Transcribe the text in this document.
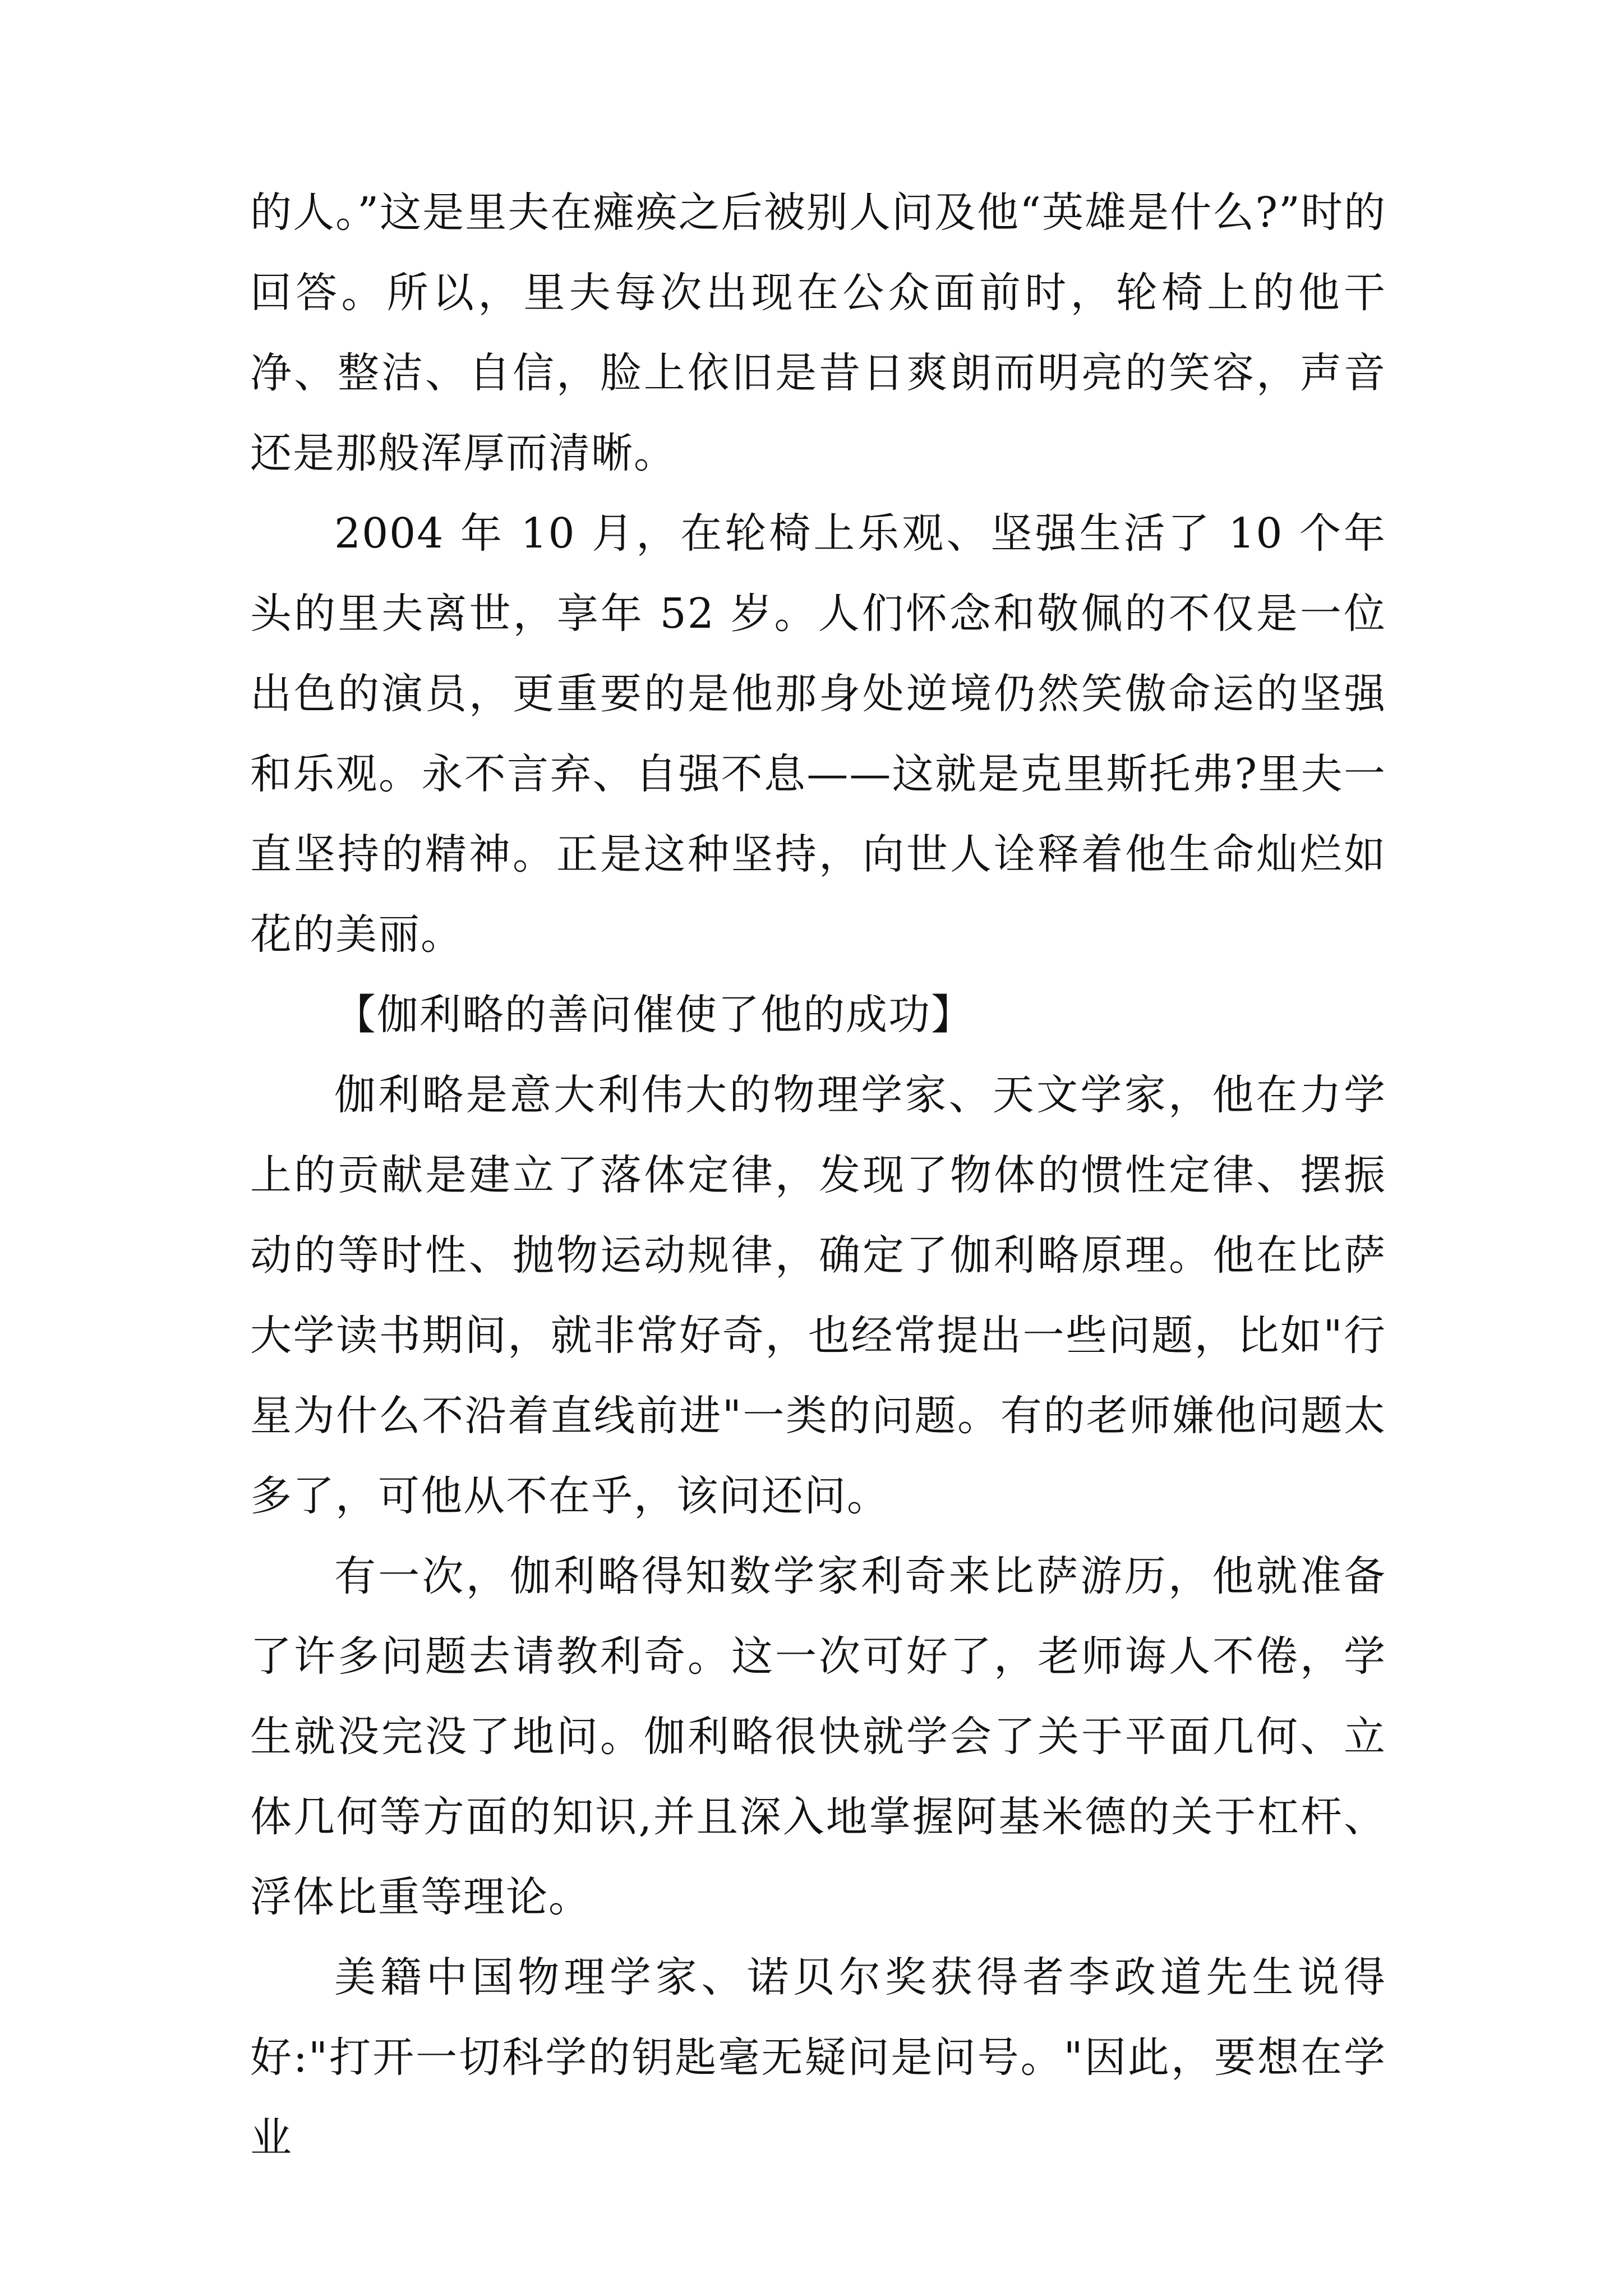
的人。”这是里夫在瘫痪之后被别人问及他“英雄是什么?”时的回答。所以，里夫每次出现在公众面前时，轮椅上的他干净、整洁、自信，脸上依旧是昔日爽朗而明亮的笑容，声音还是那般浑厚而清晰。

2004 年 10 月，在轮椅上乐观、坚强生活了 10 个年头的里夫离世，享年 52 岁。人们怀念和敬佩的不仅是一位出色的演员，更重要的是他那身处逆境仍然笑傲命运的坚强和乐观。永不言弃、自强不息——这就是克里斯托弗?里夫一直坚持的精神。正是这种坚持，向世人诠释着他生命灿烂如花的美丽。

【伽利略的善问催使了他的成功】

伽利略是意大利伟大的物理学家、天文学家，他在力学上的贡献是建立了落体定律，发现了物体的惯性定律、摆振动的等时性、抛物运动规律，确定了伽利略原理。他在比萨大学读书期间，就非常好奇，也经常提出一些问题，比如"行星为什么不沿着直线前进"一类的问题。有的老师嫌他问题太多了，可他从不在乎，该问还问。

有一次，伽利略得知数学家利奇来比萨游历，他就准备了许多问题去请教利奇。这一次可好了，老师诲人不倦，学生就没完没了地问。伽利略很快就学会了关于平面几何、立体几何等方面的知识,并且深入地掌握阿基米德的关于杠杆、浮体比重等理论。

美籍中国物理学家、诺贝尔奖获得者李政道先生说得好:"打开一切科学的钥匙毫无疑问是问号。"因此，要想在学业
